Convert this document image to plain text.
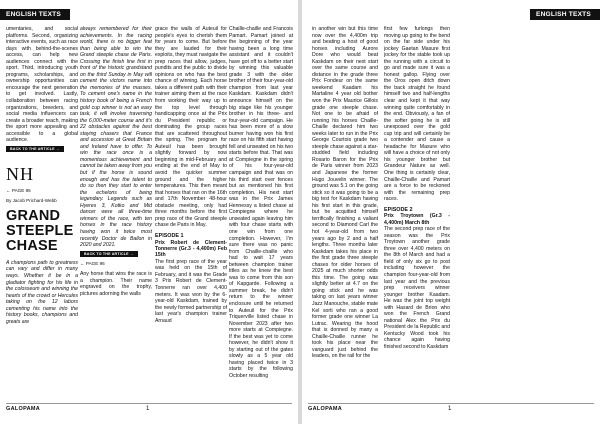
ENGLISH TEXTS

umentaries, and social platforms. Second, organizing interactive events, such as race days with behind-the-scenes access, can help new audiences connect with the sport. Third, introducing youth programs, scholarships, and ownership opportunities can encourage the next generation to get involved. Lastly, collaboration between racing organizations, breeders, and social media influencers can create a broader reach, making the sport more appealing and accessible to a global audience.

BACK TO THE ARTICLE →
NH
← PAGE 95
By Jacob Prichard-Webb
GRAND STEEPLE CHASE

A champions path to greatness can vary and differ in many ways. Whether it be in a gladiator fighting for his life in the colosseum and winning the hearts of the crowd or Hercules taking on the 12 labors cementing his name into the history books, champions and greats are

always remembered for their achievements. In the racing world, there is no bigger feat than being able to win the Grand steeple chase de Paris. Crossing the finish line first in front of the historic grandstand on the third Sunday in May will cement the victors name into the memories of the masses. To cement one's name in the history book of being a French gold cup winner is not an easy task, it will involve traversing the 6,000-meter course and it's 22 obstacles against the best staying chasers that France and accession at Great Britain and Ireland have to offer. To win the race once is a momentous achievement and cannot be taken away from you but if the horse is sound enough and has the talent to do so then they start to enter the echelons of being legendary. Legends such as Hyeres 3, Kotko and Mid dancer were all three-time winners of the race, with ten horses in the race history having won it twice most recently Doctor de Ballon in 2020 and 2021.

BACK TO THE ARTICLE →
← PAGE 96

Any horse that wins the race is a champion. Their name engraved on the trophy, pictures adorning the walls

grace the walls of Auteuil for people's eyes to cherish them for years to come. But before they are lauded for their exploits, they must navigate the prep races that allow, judges, pundits and the public to divide opinions on who has the best chance of winning. Each horse takes a different path with their trainer aiming them at the race from working their way up to the top level through handicapping once at the Prix du President republic or dominating the group races that are scattered throughout the spring. The program for Auteuil has been brought slightly forward by now beginning in mid-February and ending at the end of May to avoid the quicker summer ground and the higher temperatures. This then meant that horses that ran on the 16th and 17th November 48-hour obstacle meeting, only had three months before the first prep race of the Grand steeple chase de Paris in May.

EPISODE 1
Prix Robert de Clement-Tonnerre (Gr.3 - 4,400m) Feb 15th

The first prep race of the year was held on the 15th of February, and it was the Grade 3 Prix Robert de Clement-Tonnerre ran over 4,400 meters. It was won by the 6-year-old Kaskdam, trained by the newly formed partnership of last year's champion trainer Arnaud

Chaille-chaille and Francois Pamart. Pamart joined at the beginning of the year having been a long time assistant and it couldn't have got off to a better start by winning this valuable grade 3 with the older brother of their four-year-old champion from last year Kaskdam. Kaskdam didn't announce himself on the big stage like his younger brother in his three- and four-year-old campaign. He has been more of a slow burner having won his first race on his fifth start having fell and unseated on his two starts before that. That was at Compiegne in the spring of his four-year-old campaign and that was on his third start over fences but as mentioned his first completion. His next start was in the Prix James Hennessy a listed chase at Compiegne where he unseated again leaving him with four chase starts with one win from one completion. However, I'm sure there was no panic from Chaille-chaille who had to wait 17 years between champion trainer titles as he knew the best was to come from this son of Kapgarde. Following a summer break, he didn't return to the winner enclosure until he returned to Auteuil for the Prix Triquerville listed chase in November 2023 after two more starts at Compiegne. If the best was yet to come however, he didn't show it by starting out of the gates slowly as a 5 year old having placed twice in 3 starts by the following October resulting

GALOPAMA	1
ENGLISH TEXTS

in another win but this time now over the 4,400m trip and beating a host of good horses including Aurore Dore who would beat Kaskdam on their next start over the same course and distance in the grade three Prix Fondeur on the same weekend Kaadam his Martaline 4 year old bother won the Prix Maurice Gillois grade one steeple chase. Not one to be afraid of running his horses Chaille-Chaille declared him two weeks later to run in the Prix George Courtois grade two steeple chase against a star-studded field including Rosario Baron for the Prix de Paris winner from 2023 and Japanese the former Hugo Jouvelin winner. The ground was 5.1 on the going stick so it was going to be a big test for Kaskdam having his first start in this grade, but he acquitted himself terrifically finishing a valiant second to Diamond Carl the hot 4-year-old from two years ago by 2 and a half lengths. Three months later Kaskdam takes his place in the first grade three steeple chases for older horses of 2025 at much shorter odds this time. The going was slightly better at 4.7 on the going stick and he was taking on last years winner Jazz Manouche, stable mate Kel sorti who ran a good former grade one winner La Lutrac. Wearing the hood that is donned by many a Chaille-Chaille runner he took his place near the vanguard just behind the leaders, on the rail for the

first few furlongs then moving up going to the bend on the far side under his jockey Gaetan Masure first jockey for the stable took up the running with a circuit to go and made sure it was a honest gallop. Flying over the Oros open ditch down the back straight he found himself two and half-lengths clear and kept it that way winning quite comfortably in the end. Obviously, a fan of the softer going he is still unexposed over the gold cup trip and will certainly be a contender and cause a headache for Masure who will have a choice of not only his younger brother but Grandeur Nature as well. One thing is certainly clear, Chaille-Chaille and Pamart are a force to be reckoned with the remaining prep races.

EPISODE 2
Prix Troytown (Gr.3 - 4,400m) March 8th

The second prep race of the season was the Prix Troytown another grade three over 4,400 meters on the 8th of March and had a field of only six go to post including however the champion four-year-old from last year and the previous prep receivers winner younger brother Kaadam. He was the joint top weight with Hasard de Brion who won the French Grand national Alex the Prix du President de la Republic and Kentucky Wood took his chance again having finished second to Kaskdam

GALOPAMA	1
